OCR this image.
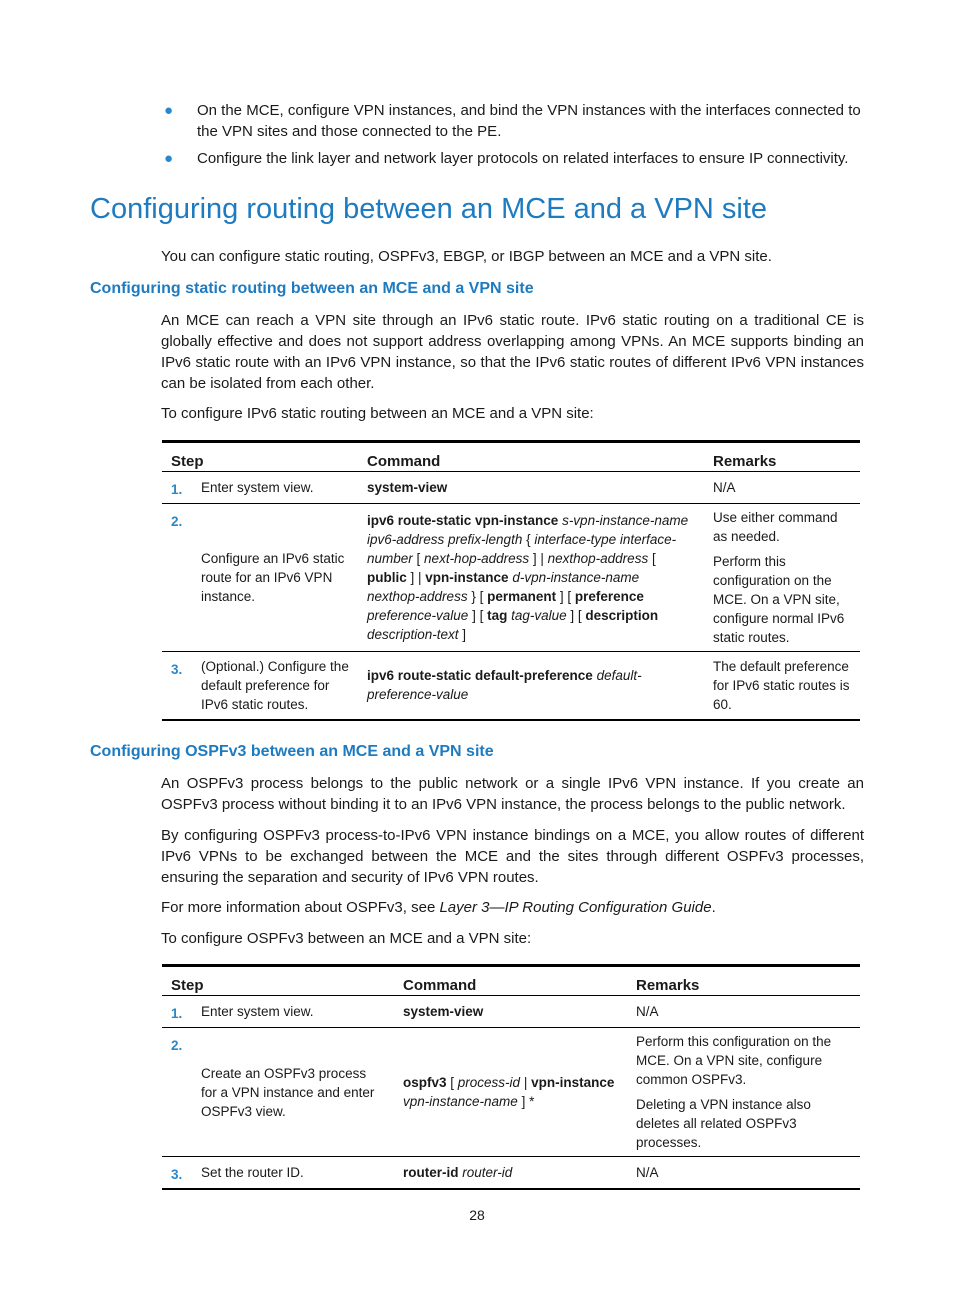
● On the MCE, configure VPN instances, and bind the VPN instances with the interfaces connected to the VPN sites and those connected to the PE.
● Configure the link layer and network layer protocols on related interfaces to ensure IP connectivity.
Configuring routing between an MCE and a VPN site

You can configure static routing, OSPFv3, EBGP, or IBGP between an MCE and a VPN site.

Configuring static routing between an MCE and a VPN site

An MCE can reach a VPN site through an IPv6 static route. IPv6 static routing on a traditional CE is globally effective and does not support address overlapping among VPNs. An MCE supports binding an IPv6 static route with an IPv6 VPN instance, so that the IPv6 static routes of different IPv6 VPN instances can be isolated from each other.

To configure IPv6 static routing between an MCE and a VPN site:

Step		Command	Remarks
1.	Enter system view.	system-view	N/A

2.	Configure an IPv6 static route for an IPv6 VPN instance.	ipv6 route-static vpn-instance s-vpn-instance-name ipv6-address prefix-length { interface-type interface-number [ next-hop-address ] | nexthop-address [ public ] | vpn-instance d-vpn-instance-name nexthop-address } [ permanent ] [ preference preference-value ] [ tag tag-value ] [ description description-text ]	Use either command as needed.

Perform this configuration on the MCE. On a VPN site, configure normal IPv6 static routes.

3.	(Optional.) Configure the default preference for IPv6 static routes.	ipv6 route-static default-preference default-preference-value	The default preference for IPv6 static routes is 60.

Configuring OSPFv3 between an MCE and a VPN site

An OSPFv3 process belongs to the public network or a single IPv6 VPN instance. If you create an OSPFv3 process without binding it to an IPv6 VPN instance, the process belongs to the public network.

By configuring OSPFv3 process-to-IPv6 VPN instance bindings on a MCE, you allow routes of different IPv6 VPNs to be exchanged between the MCE and the sites through different OSPFv3 processes, ensuring the separation and security of IPv6 VPN routes.

For more information about OSPFv3, see Layer 3—IP Routing Configuration Guide.

To configure OSPFv3 between an MCE and a VPN site:

Step		Command	Remarks
1.	Enter system view.	system-view	N/A

2.	Create an OSPFv3 process for a VPN instance and enter OSPFv3 view.	ospfv3 [ process-id | vpn-instance vpn-instance-name ] *	Perform this configuration on the MCE. On a VPN site, configure common OSPFv3.

Deleting a VPN instance also deletes all related OSPFv3 processes.

3.	Set the router ID.	router-id router-id	N/A

28
